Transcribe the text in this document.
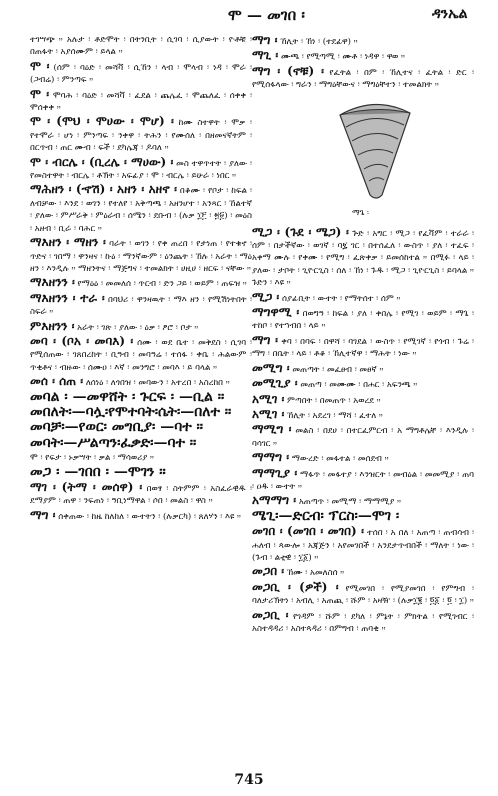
ሞ — መገበ ፡	ዳንኤል
ተገሣጭ ። አሉታ ፡ ቶድሞት ፡ በትንቢት ፡ ሲገባ ፡ ሲያውት ፡ ዮቶቹ ፡ በጠፋት ፡ አያሰሙም ፡ ይላል ።
ሞ ፡ (ሰም ፡ ባዕድ ፡ መሻቫ ፡ ሲኸን ፡ ላብ ፡ ሞላብ ፡ ነዳ ፡ ሞራ ፡ (ጋብሬ) ፡ ምንጣፍ ።
ሞ ፡ ሞባሕ ፡ ባዕድ ፡ መሻቫ ፡ ፈደል ፡ ጨሌፈ ፡ ሞጨለፈ ፡ ሰቀቀ ፡ ሞሰቀቀ ።
ሞ ፡ (ሞህ ፡ ሞሀው ፡ ሞሆ) ፡ ከሙ ስተዋት ፡ ሞቃ ፡ የተሞራ ፡ ሆነ ፡ ምንጣፍ ፡ ንቀዋ ፡ ትሕን ፡ የሙሰለ ፡ በዘመናኛትም ፡ በርጥብ ፡ ጠር ሙብ ፡ ፍች ፡ ደካሌጃ ፡ ዶባለ ።
ሞ ፡ ብርሌ ፡ (ቢረሌ ፡ ማሀው) ፡ መስ ተዋጥተት ፡ ያለው ፡ የመስተዋት ፡ ብርሌ ፡ ቶኽት ፡ አፍፊያ ፡ ሞ ፡ ብርሌ ፡ ይሁራ ፡ ነበር ።
ማሕዘን ፡ (ኆሽ) ፡ አዘን ፡ አዘኖ ፡ በቆሙ ፡ የቦታ ፡ ከፍል ፡ ለብቻው ፡ እንደ ፡ ወገን ፡ የተለየ ፡ አቅጣጫ ፡ አዘንሆተ ፡ አንጻር ፡ ኸልተኛ ፡ ያለው ፡ ምሥራቅ ፡ ምዕራብ ፡ ሰሜን ፡ ደቡብ ፡ (ሉቃ ፲፫ ፡ ፳፱) ፡ መዕስ ፡ አዘብ ፡ ቢራ ፡ ባሕር ።
ማእዘን ፡ ማዘን ፡ ባራት ፡ ወገን ፡ የቀ ጠረበ ፡ የታነጠ ፡ የተቁኖ ፡ ጥድና ፡ ገበማ ፡ ዋንዛና ፡ ኩዕ ፡ ማንኛውም ፡ ዕንጨት ፡ ኸሉ ፡ አራት ፡ ማዕ ዘን ፡ እንዲሉ ። ማዘንትና ፡ ማጅግና ፡ ተመልክት ፡ ሀዚሀ ፡ ዘርፍ ፡ ናቸው ።
ማእዘንን ፡ የማዕዕ ፡ መመለሰ ፡ ጥርብ ፡ ድን ጋይ ፡ ወይም ፡ ጠፍዝ ።
ማእዘንን ፡ ተራ ፡ በባህሪ ፡ ዋንዛዉት ፡ ማእ ዘን ፡ የሚሽነትበት ፡ ስፍራ ።
ምእዘንን ፡ አራት ፡ ገጽ ፡ ያለው ፡ ዕቃ ፡ ፆሮ ፡ ቦታ ።
መባ ፡ (ቦአ ፡ መባእ) ፡ ሰሙ ፡ ወደ ቤተ ፡ መቅደስ ፡ ሲገባ ፡ የሚሰጠው ፡ ገጸበረከት ፡ ቢዓብ ፡ መባዓሬ ፡ ተሰፋ ፡ ቀቤ ፡ ሕልውም ፡ ጥቂቶና ፡ ብዙው ፡ ሰሙዐ ፡ እኛ ፡ መንግሮ ፡ መባእ ፡ ይ ባላል ።
መሰ ፡ ሰጠ ፡ ለሰነዕ ፡ ለጎበዝ ፡ መባውን ፡ አተረበ ፡ አስረከበ ።
መባል ፡ —መዋሸት ፡ ጉርፍ ፡ —ቢል ።
መበለት፡—ባሏ፡የሞተባት፡ሴት፡—በለተ ።
መባቻ፡—የወር፡ መግቢያ፡ —ባተ ።
መባት፡—ሥልጣን፡ፈቃድ፡—ባተ ።
ሞ ፡ የፍታ ፡ ኑቃሣት ፡ ቃል ፡ ማሳወሪያ ።
መጋ ፡ —ገበበ ፡ —ሞገን ።
ማገ ፡ (ትማ ፡ መሰዋ) ፡ በወፃ ፡ ስትምም ፡ አስፈራዊዱ ፡ ደማያም ፡ ጠዋ ፡ ንፍጠነ ፡ ዓቢነማዋል ፡ ሶበ ፡ መልስ ፡ ዋስ ።
ማግ ፡ ሰቀጠው ፡ ከዜ ከለከለ ፡ ውተትን ፡ (ሉቃርካ) ፡ ጸለሃን ፡ እዩ ።
ማግ ፡ ኸሊት ፡ ኸነ ፡ (ተደፊዋ) ።
ማጊ ፡ ሙጫ ፡ የሚጣሚ ፡ ሙቶ ፡ ነዳዋ ፡ ዋወ ።
ማግ ፡ (ኖቹ) ፡ የፈትል ፡ በም ፡ ኸሊተና ፡ ፈትል ፡ ድር ፡ የሚሰፋላው ፡ ግራን ፡ ማግዕቸውና ፡ ማግዕቸተን ፡ ተመልክት ።
ማጌ ፡
ሚጋ ፡ (ጉደ ፡ ሜጋ) ፡ ጕድ ፡ አግር ፡ ሚጋ ፡ የፈቫም ፡ ተራራ ፡ ሰም ፡ በታችኛው ፡ ወገኛ ፡ ባ፯ ገር ፡ በተሰፈለ ፡ ውስጥ ፡ ያለ ፡ ተፈፍ ፡ አቀማ ሙሉ ፡ የቀሙ ፡ የሚግ ፡ ፈጽቀቃ ፡ ይመሰከተል ። በሚፉ ፡ ላይ ፡ ያለው ፡ ታቦት ፡ ጊዮርጊስ ፡ ሰለ ፡ ኸነ ፡ ጉዱ ፡ ሚጋ ፡ ጊዮርጊስ ፡ ይባላል ። ጉድን ፡ እዩ ።
ሚጋ ፡ ሰያፊቢት ፡ ውተት ፡ የማትሰተ ፡ ሰም ።
ማግዋሚ ፡ በወግዓ ፡ ከፍል ፡ ያለ ፡ ቀበሌ ፡ የሚገ ፡ ወይም ፡ ማጌ ፡ ተከቦ ፡ የተኀብበ ፡ ላይ ።
ማግ ፡ ቀባ ፡ በባፍ ፡ በዋሻ ፡ ባገደል ፡ ውስጥ ፡ የሚገኛ ፡ የጎብ ፡ ጉሬ ፡ ማግ ፡ በቤት ፡ ላይ ፡ ቶቆ ፡ ኸሊተኛዋ ፡ ማሕት ፡ ነው ።
መሚግ ፡ መጠጣት ፡ መፈፀብ ፡ መፀኛ ።
መሚጊያ ፡ መጠጣ ፡ መሙሙ ፡ በሐር ፡ አፍንጫ ።
አሚገ ፡ ምጣበት ፡ በመጠጥ ፡ አወረደ ።
አሚገ ፡ ኸሊት ፡ አደረገ ፡ ማሻ ፡ ፈተለ ።
ማሚግ ፡ መልስ ፡ በደሀ ፡ በተርፈምርብ ፡ አ ማግቶሌቸ ፡ እንዲሉ ፡ ባሳገር ።
ማማግ ፡ ማውረድ ፡ መፋተል ፡ መሰደብ ።
ማማጊያ ፡ ማፋጥ ፡ መፋተያ ፡ እንዝርት ፡ መብዕል ፡ መመሚያ ፡ ጠባ ፡ ዐዱ ፡ ውተት ።
አማማግ ፡ አጠጣጥ ፡ መሚማ ፡ ማማሚያ ።
ሜጊ፡—ድርብ፡ ፕርስ፡—ሞገ ፡
መገበ ፡ (መገበ ፡ መገበ) ፡ ተሰበ ፡ አ በለ ፡ አጠጣ ፡ ጠብሳብ ፡ ሐለብ ፡ ጳውሎ ፡ አጃጅን ፡ አየመገበች ፡ አንደታጥብበች ፡ ማለት ፡ ነው ፡ (ጉብ ፡ ልቲዊ ፡ ፲፩) ።
መጋበ ፡ ኸሙ ፡ አመለስሰ ።
መጋቢ ፡ (ዎች) ፡ የሚመገበ ፡ የሚያመገበ ፡ የምግብ ፡ ባለታሪኽትነ ፡ አብሊ ፡ አጠጪ ፡ ሹም ፡ አዛዥ ፡ (ሉቃ፲፪ ፡ ፬፩ ፡ ፬ ፡ ፲) ።
መጋቢ ፡ የገዳም ፡ ሹም ፡ ደካለ ፡ ምኔት ፡ ምክትል ፡ የሚገብር ፡ አስተዳዳሪ ፡ አስተጳዳሪ ፡ በምግብ ፡ ጠባቂ ።
745
